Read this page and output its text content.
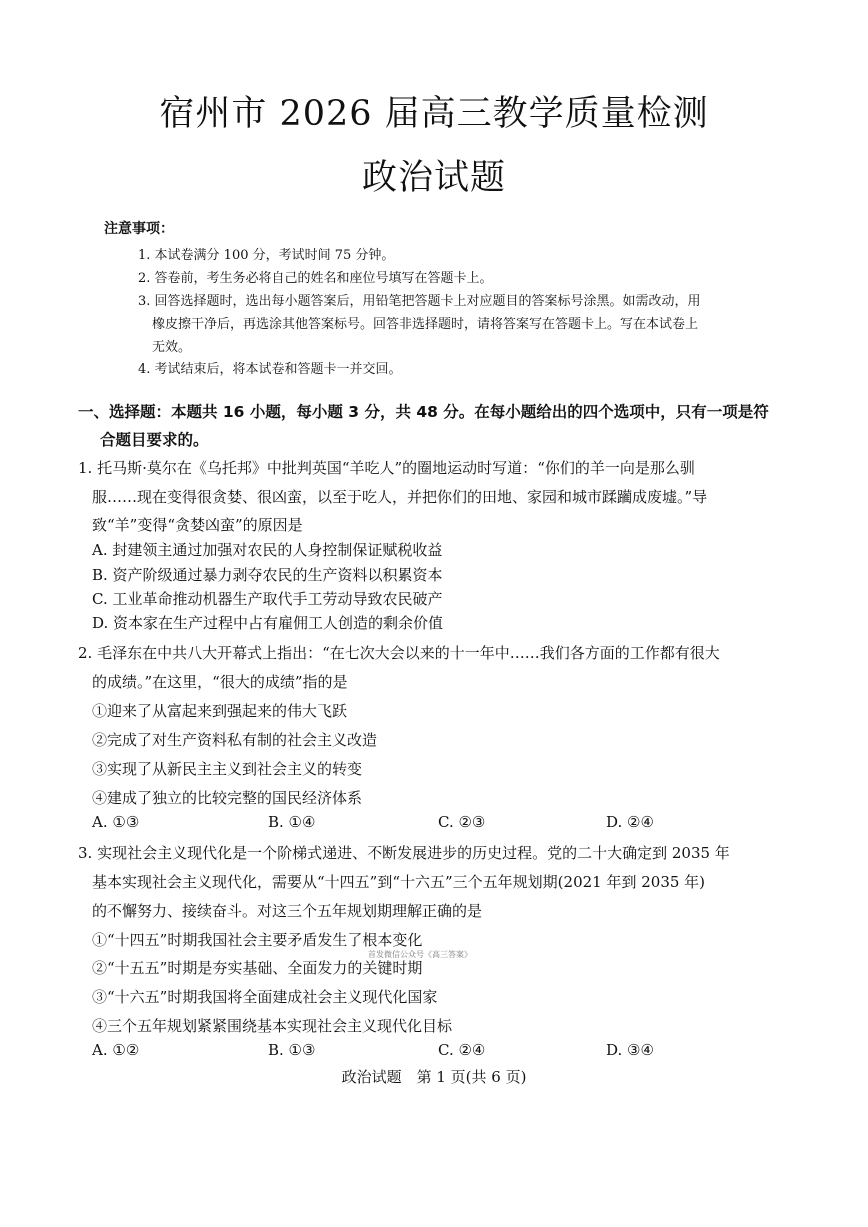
宿州市 2026 届高三教学质量检测
政治试题
注意事项：
1. 本试卷满分 100 分，考试时间 75 分钟。
2. 答卷前，考生务必将自己的姓名和座位号填写在答题卡上。
3. 回答选择题时，选出每小题答案后，用铅笔把答题卡上对应题目的答案标号涂黑。如需改动，用
橡皮擦干净后，再选涂其他答案标号。回答非选择题时，请将答案写在答题卡上。写在本试卷上
无效。
4. 考试结束后，将本试卷和答题卡一并交回。
一、选择题：本题共 16 小题，每小题 3 分，共 48 分。在每小题给出的四个选项中，只有一项是符
合题目要求的。
1. 托马斯·莫尔在《乌托邦》中批判英国“羊吃人”的圈地运动时写道：“你们的羊一向是那么驯
服……现在变得很贪婪、很凶蛮，以至于吃人，并把你们的田地、家园和城市蹂躏成废墟。”导
致“羊”变得“贪婪凶蛮”的原因是
A. 封建领主通过加强对农民的人身控制保证赋税收益
B. 资产阶级通过暴力剥夺农民的生产资料以积累资本
C. 工业革命推动机器生产取代手工劳动导致农民破产
D. 资本家在生产过程中占有雇佣工人创造的剩余价值
2. 毛泽东在中共八大开幕式上指出：“在七次大会以来的十一年中……我们各方面的工作都有很大
的成绩。”在这里，“很大的成绩”指的是
①迎来了从富起来到强起来的伟大飞跃
②完成了对生产资料私有制的社会主义改造
③实现了从新民主主义到社会主义的转变
④建成了独立的比较完整的国民经济体系
A. ①③	B. ①④	C. ②③	D. ②④
3. 实现社会主义现代化是一个阶梯式递进、不断发展进步的历史过程。党的二十大确定到 2035 年
基本实现社会主义现代化，需要从“十四五”到“十六五”三个五年规划期(2021 年到 2035 年)
的不懈努力、接续奋斗。对这三个五年规划期理解正确的是
①“十四五”时期我国社会主要矛盾发生了根本变化
②“十五五”时期是夯实基础、全面发力的关键时期
③“十六五”时期我国将全面建成社会主义现代化国家
④三个五年规划紧紧围绕基本实现社会主义现代化目标
A. ①②	B. ①③	C. ②④	D. ③④
首发微信公众号《高三答案》
政治试题　第 1 页(共 6 页)
